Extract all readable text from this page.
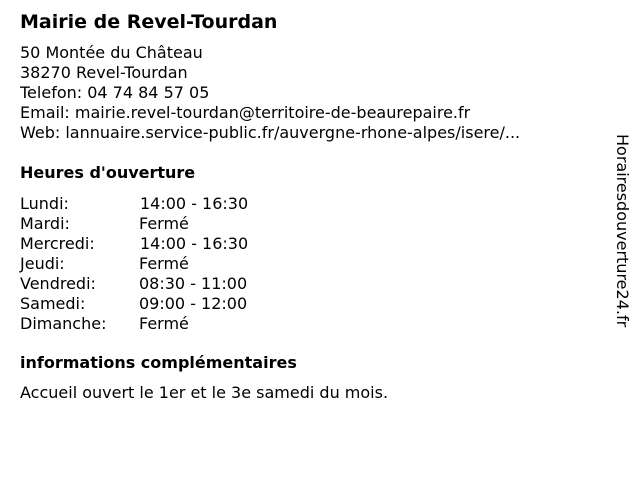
Mairie de Revel-Tourdan
50 Montée du Château
38270 Revel-Tourdan
Telefon: 04 74 84 57 05
Email: mairie.revel-tourdan@territoire-de-beaurepaire.fr
Web: lannuaire.service-public.fr/auvergne-rhone-alpes/isere/...
Heures d'ouverture
Lundi:	14:00 - 16:30
Mardi:	Fermé
Mercredi:	14:00 - 16:30
Jeudi:	Fermé
Vendredi:	08:30 - 11:00
Samedi:	09:00 - 12:00
Dimanche:	Fermé
informations complémentaires
Accueil ouvert le 1er et le 3e samedi du mois.
Horairesdouverture24.fr
